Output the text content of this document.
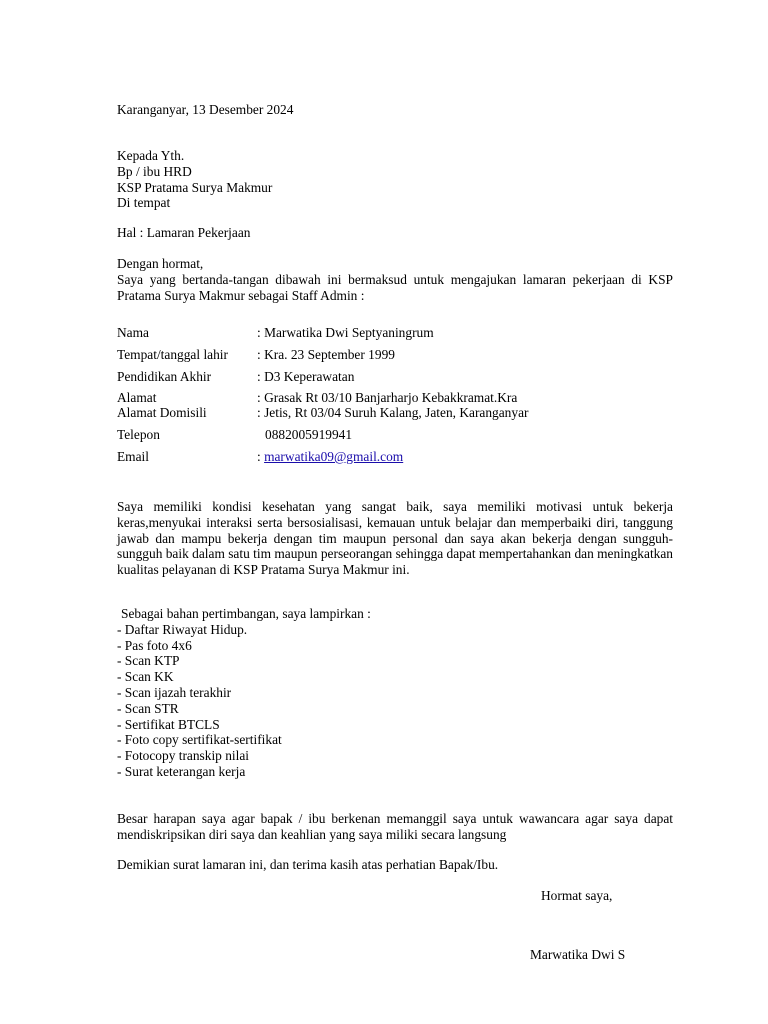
Karanganyar, 13 Desember 2024
Kepada Yth.
Bp / ibu HRD
KSP Pratama Surya Makmur
Di tempat
Hal : Lamaran Pekerjaan
Dengan hormat,
Saya yang bertanda-tangan dibawah ini bermaksud untuk mengajukan lamaran pekerjaan di KSP Pratama Surya Makmur sebagai Staff Admin :
Nama	: Marwatika Dwi Septyaningrum
Tempat/tanggal lahir : Kra. 23 September 1999
Pendidikan Akhir	: D3 Keperawatan
Alamat	: Grasak Rt 03/10 Banjarharjo Kebakkramat.Kra
Alamat Domisili	: Jetis, Rt 03/04 Suruh Kalang, Jaten, Karanganyar
Telepon	0882005919941
Email	: marwatika09@gmail.com
Saya memiliki kondisi kesehatan yang sangat baik, saya memiliki motivasi untuk bekerja keras,menyukai interaksi serta bersosialisasi, kemauan untuk belajar dan memperbaiki diri, tanggung jawab dan mampu bekerja dengan tim maupun personal dan saya akan bekerja dengan sungguh-sungguh baik dalam satu tim maupun perseorangan sehingga dapat mempertahankan dan meningkatkan kualitas pelayanan di KSP Pratama Surya Makmur ini.
Sebagai bahan pertimbangan, saya lampirkan :
- Daftar Riwayat Hidup.
- Pas foto 4x6
- Scan KTP
- Scan KK
- Scan ijazah terakhir
- Scan STR
- Sertifikat BTCLS
- Foto copy sertifikat-sertifikat
- Fotocopy transkip nilai
- Surat keterangan kerja
Besar harapan saya agar bapak / ibu berkenan memanggil saya untuk wawancara agar saya dapat mendiskripsikan diri saya dan keahlian yang saya miliki secara langsung
Demikian surat lamaran ini, dan terima kasih atas perhatian Bapak/Ibu.
Hormat saya,
Marwatika Dwi S
